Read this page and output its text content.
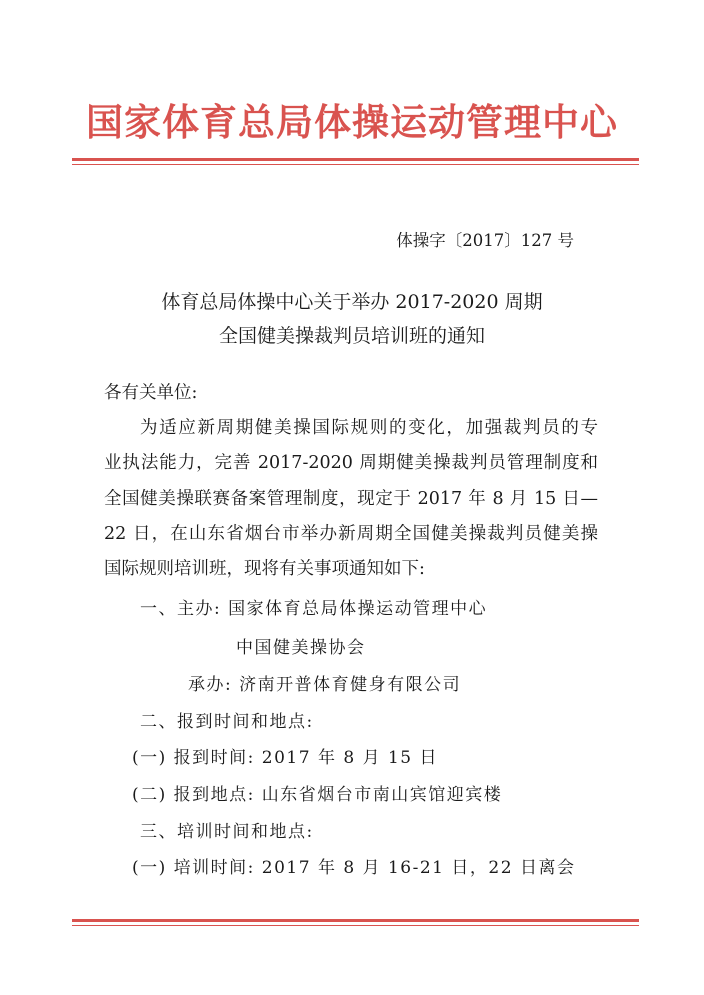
国家体育总局体操运动管理中心
体操字〔2017〕127 号
体育总局体操中心关于举办 2017-2020 周期
全国健美操裁判员培训班的通知
各有关单位:
为适应新周期健美操国际规则的变化，加强裁判员的专
业执法能力，完善 2017-2020 周期健美操裁判员管理制度和
全国健美操联赛备案管理制度，现定于 2017 年 8 月 15 日—
22 日，在山东省烟台市举办新周期全国健美操裁判员健美操
国际规则培训班，现将有关事项通知如下:
一、主办: 国家体育总局体操运动管理中心
中国健美操协会
承办: 济南开普体育健身有限公司
二、报到时间和地点:
(一) 报到时间: 2017 年 8 月 15 日
(二) 报到地点: 山东省烟台市南山宾馆迎宾楼
三、培训时间和地点:
(一) 培训时间: 2017 年 8 月 16-21 日，22 日离会
